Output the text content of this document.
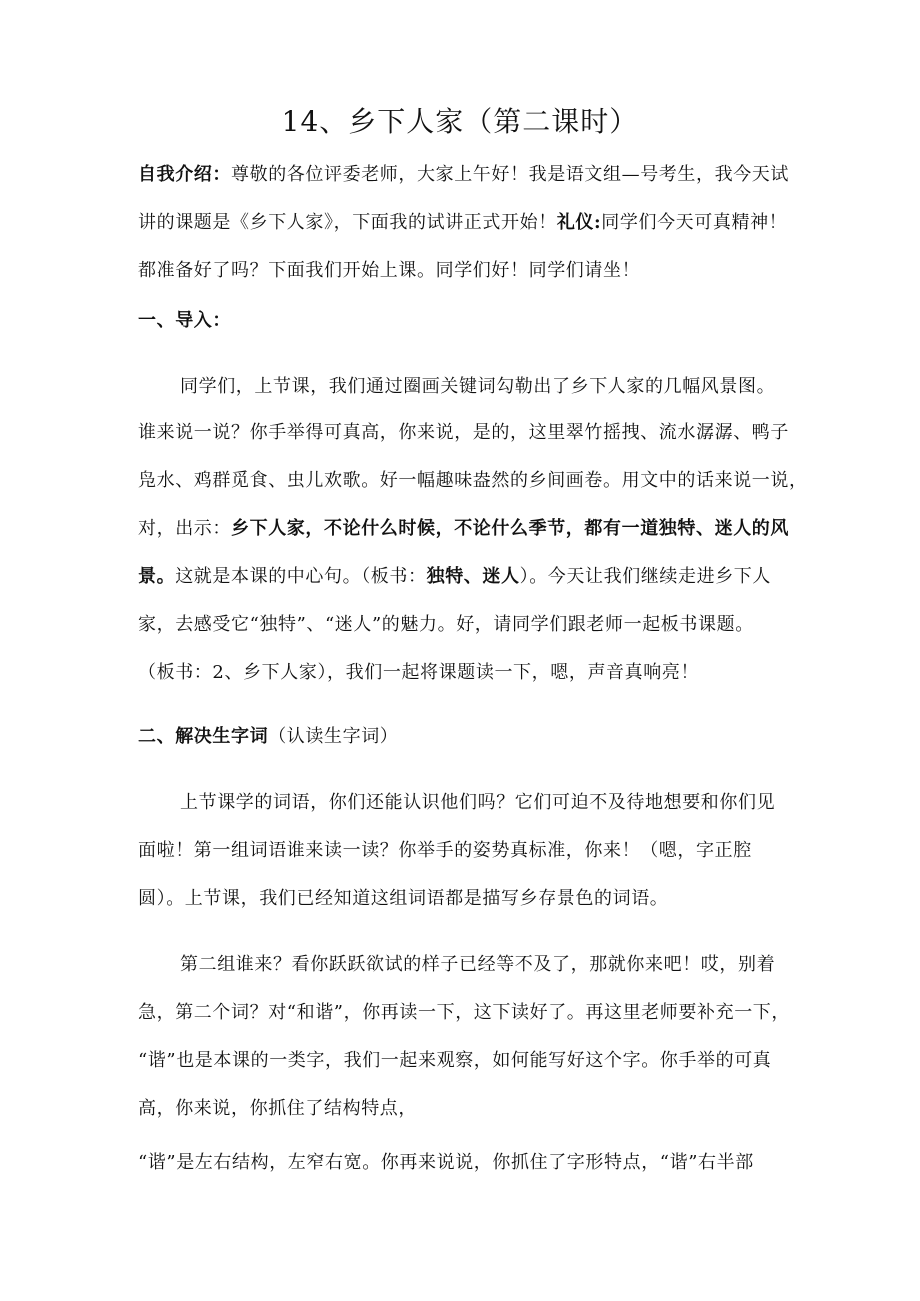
14、乡下人家（第二课时）
自我介绍：尊敬的各位评委老师，大家上午好！我是语文组—号考生，我今天试
讲的课题是《乡下人家》，下面我的试讲正式开始！礼仪:同学们今天可真精神！
都准备好了吗？下面我们开始上课。同学们好！同学们请坐！
一、导入：
同学们，上节课，我们通过圈画关键词勾勒出了乡下人家的几幅风景图。
谁来说一说？你手举得可真高，你来说，是的，这里翠竹摇拽、流水潺潺、鸭子
凫水、鸡群觅食、虫儿欢歌。好一幅趣味盎然的乡间画卷。用文中的话来说一说，
对，出示：乡下人家，不论什么时候，不论什么季节，都有一道独特、迷人的风
景。这就是本课的中心句。（板书：独特、迷人）。今天让我们继续走进乡下人
家，去感受它“独特”、“迷人”的魅力。好，请同学们跟老师一起板书课题。
（板书：2、乡下人家），我们一起将课题读一下，嗯，声音真响亮！
二、解决生字词（认读生字词）
上节课学的词语，你们还能认识他们吗？它们可迫不及待地想要和你们见
面啦！第一组词语谁来读一读？你举手的姿势真标准，你来！（嗯，字正腔
圆）。上节课，我们已经知道这组词语都是描写乡存景色的词语。
第二组谁来？看你跃跃欲试的样子已经等不及了，那就你来吧！哎，别着
急，第二个词？对“和谐”，你再读一下，这下读好了。再这里老师要补充一下，
“谐”也是本课的一类字，我们一起来观察，如何能写好这个字。你手举的可真
高，你来说，你抓住了结构特点，
“谐”是左右结构，左窄右宽。你再来说说，你抓住了字形特点，“谐”右半部
